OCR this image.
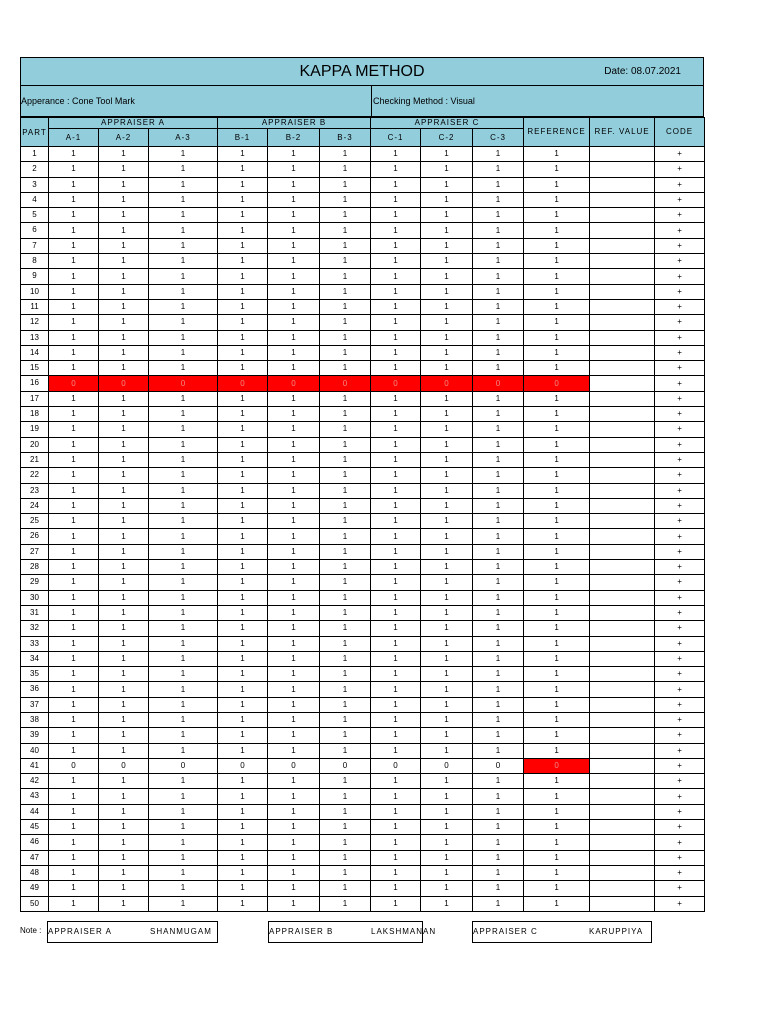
KAPPA METHOD	Date: 08.07.2021
Apperance : Cone Tool Mark	Checking Method : Visual
PART	APPRAISER A			APPRAISER B			APPRAISER C			REFERENCE	REF. VALUE	CODE
	A-1	A-2	A-3	B-1	B-2	B-3	C-1	C-2	C-3			
1	1	1	1	1	1	1	1	1	1	1		+
2	1	1	1	1	1	1	1	1	1	1		+
3	1	1	1	1	1	1	1	1	1	1		+
4	1	1	1	1	1	1	1	1	1	1		+
5	1	1	1	1	1	1	1	1	1	1		+
6	1	1	1	1	1	1	1	1	1	1		+
7	1	1	1	1	1	1	1	1	1	1		+
8	1	1	1	1	1	1	1	1	1	1		+
9	1	1	1	1	1	1	1	1	1	1		+
10	1	1	1	1	1	1	1	1	1	1		+
11	1	1	1	1	1	1	1	1	1	1		+
12	1	1	1	1	1	1	1	1	1	1		+
13	1	1	1	1	1	1	1	1	1	1		+
14	1	1	1	1	1	1	1	1	1	1		+
15	1	1	1	1	1	1	1	1	1	1		+
16	0	0	0	0	0	0	0	0	0	0		+
17	1	1	1	1	1	1	1	1	1	1		+
18	1	1	1	1	1	1	1	1	1	1		+
19	1	1	1	1	1	1	1	1	1	1		+
20	1	1	1	1	1	1	1	1	1	1		+
21	1	1	1	1	1	1	1	1	1	1		+
22	1	1	1	1	1	1	1	1	1	1		+
23	1	1	1	1	1	1	1	1	1	1		+
24	1	1	1	1	1	1	1	1	1	1		+
25	1	1	1	1	1	1	1	1	1	1		+
26	1	1	1	1	1	1	1	1	1	1		+
27	1	1	1	1	1	1	1	1	1	1		+
28	1	1	1	1	1	1	1	1	1	1		+
29	1	1	1	1	1	1	1	1	1	1		+
30	1	1	1	1	1	1	1	1	1	1		+
31	1	1	1	1	1	1	1	1	1	1		+
32	1	1	1	1	1	1	1	1	1	1		+
33	1	1	1	1	1	1	1	1	1	1		+
34	1	1	1	1	1	1	1	1	1	1		+
35	1	1	1	1	1	1	1	1	1	1		+
36	1	1	1	1	1	1	1	1	1	1		+
37	1	1	1	1	1	1	1	1	1	1		+
38	1	1	1	1	1	1	1	1	1	1		+
39	1	1	1	1	1	1	1	1	1	1		+
40	1	1	1	1	1	1	1	1	1	1		+
41	0	0	0	0	0	0	0	0	0	0		+
42	1	1	1	1	1	1	1	1	1	1		+
43	1	1	1	1	1	1	1	1	1	1		+
44	1	1	1	1	1	1	1	1	1	1		+
45	1	1	1	1	1	1	1	1	1	1		+
46	1	1	1	1	1	1	1	1	1	1		+
47	1	1	1	1	1	1	1	1	1	1		+
48	1	1	1	1	1	1	1	1	1	1		+
49	1	1	1	1	1	1	1	1	1	1		+
50	1	1	1	1	1	1	1	1	1	1		+
Note : APPRAISER A	SHANMUGAM	APPRAISER B	LAKSHMANAN	APPRAISER C	KARUPPIYA
